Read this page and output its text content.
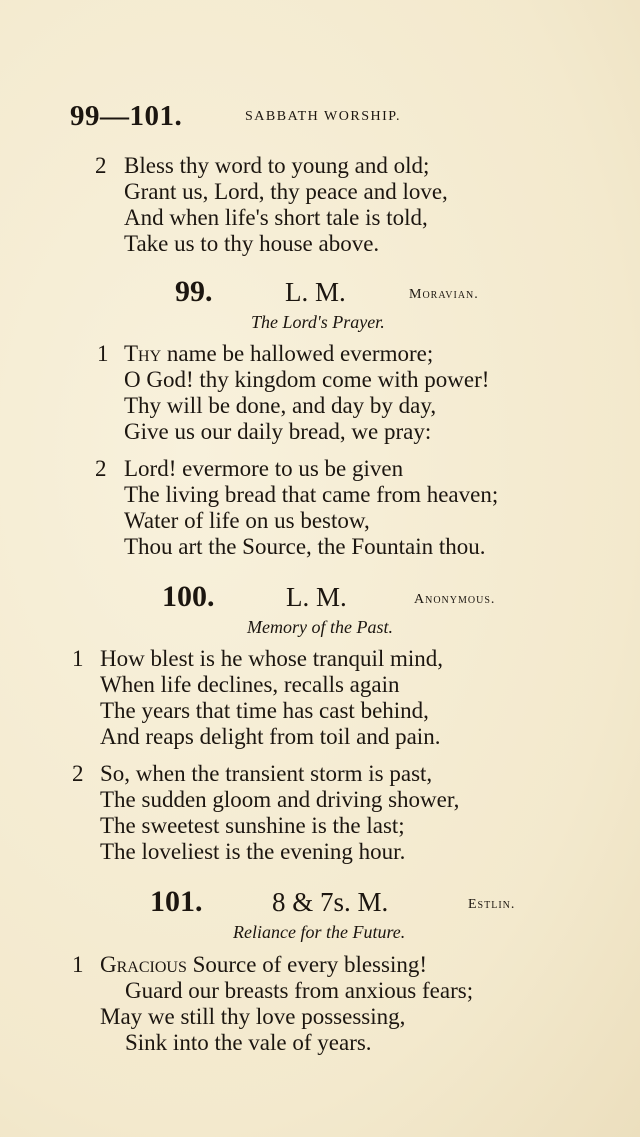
99—101.	SABBATH WORSHIP.
2 Bless thy word to young and old;
Grant us, Lord, thy peace and love,
And when life's short tale is told,
Take us to thy house above.
99.	L. M.	Moravian.
The Lord's Prayer.
1 Thy name be hallowed evermore;
O God! thy kingdom come with power!
Thy will be done, and day by day,
Give us our daily bread, we pray:
2 Lord! evermore to us be given
The living bread that came from heaven;
Water of life on us bestow,
Thou art the Source, the Fountain thou.
100.	L. M.	Anonymous.
Memory of the Past.
1 How blest is he whose tranquil mind,
When life declines, recalls again
The years that time has cast behind,
And reaps delight from toil and pain.
2 So, when the transient storm is past,
The sudden gloom and driving shower,
The sweetest sunshine is the last;
The loveliest is the evening hour.
101.	8 & 7s. M.	Estlin.
Reliance for the Future.
1 Gracious Source of every blessing!
Guard our breasts from anxious fears;
May we still thy love possessing,
Sink into the vale of years.
